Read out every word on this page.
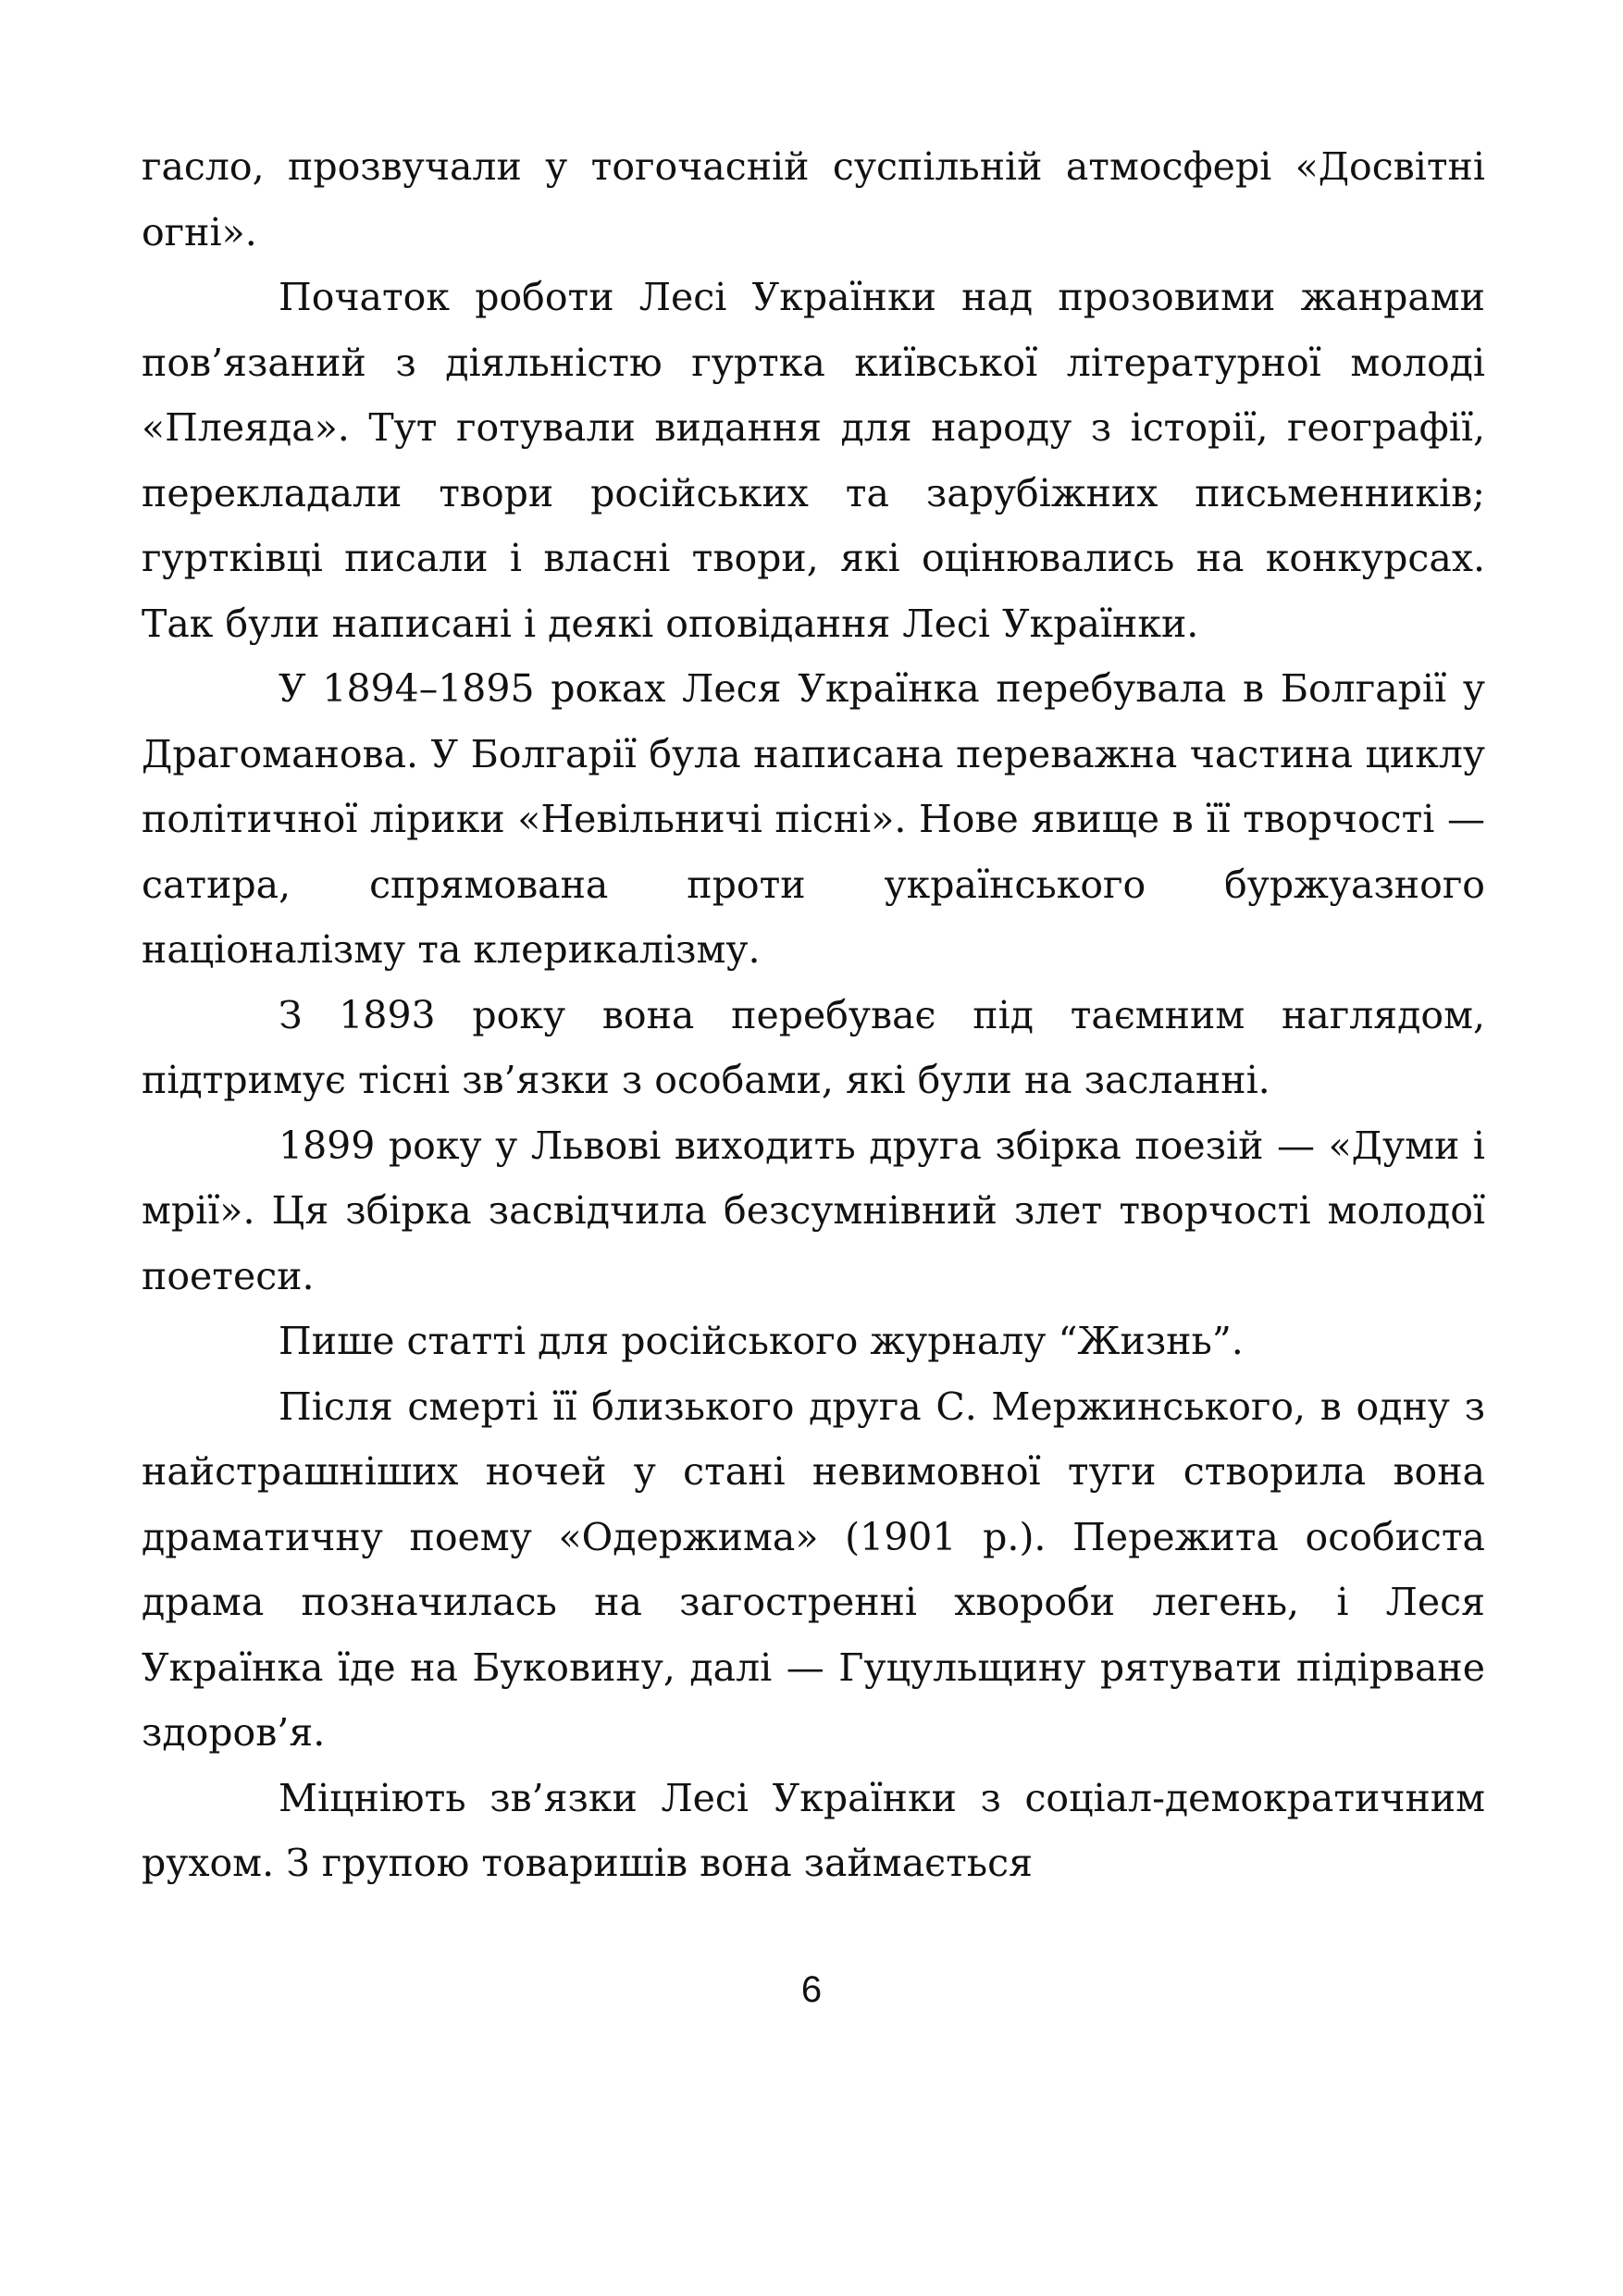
гасло, прозвучали у тогочасній суспільній атмосфері «Досвітні огні».

Початок роботи Лесі Українки над прозовими жанрами пов’язаний з діяльністю гуртка київської літературної молоді «Плеяда». Тут готували видання для народу з історії, географії, перекладали твори російських та зарубіжних письменників; гуртківці писали і власні твори, які оцінювались на конкурсах. Так були написані і деякі оповідання Лесі Українки.

У 1894–1895 роках Леся Українка перебувала в Болгарії у Драгоманова. У Болгарії була написана переважна частина циклу політичної лірики «Невільничі пісні». Нове явище в її творчості — сатира, спрямована проти українського буржуазного націоналізму та клерикалізму.

З 1893 року вона перебуває під таємним наглядом, підтримує тісні зв’язки з особами, які були на засланні.

1899 року у Львові виходить друга збірка поезій — «Думи і мрії». Ця збірка засвідчила безсумнівний злет творчості молодої поетеси.

Пише статті для російського журналу “Жизнь”.

Після смерті її близького друга С. Мержинського, в одну з найстрашніших ночей у стані невимовної туги створила вона драматичну поему «Одержима» (1901 р.). Пережита особиста драма позначилась на загостренні хвороби легень, і Леся Українка їде на Буковину, далі — Гуцульщину рятувати підірване здоров’я.

Міцніють зв’язки Лесі Українки з соціал-демократичним рухом. З групою товаришів вона займається

6
